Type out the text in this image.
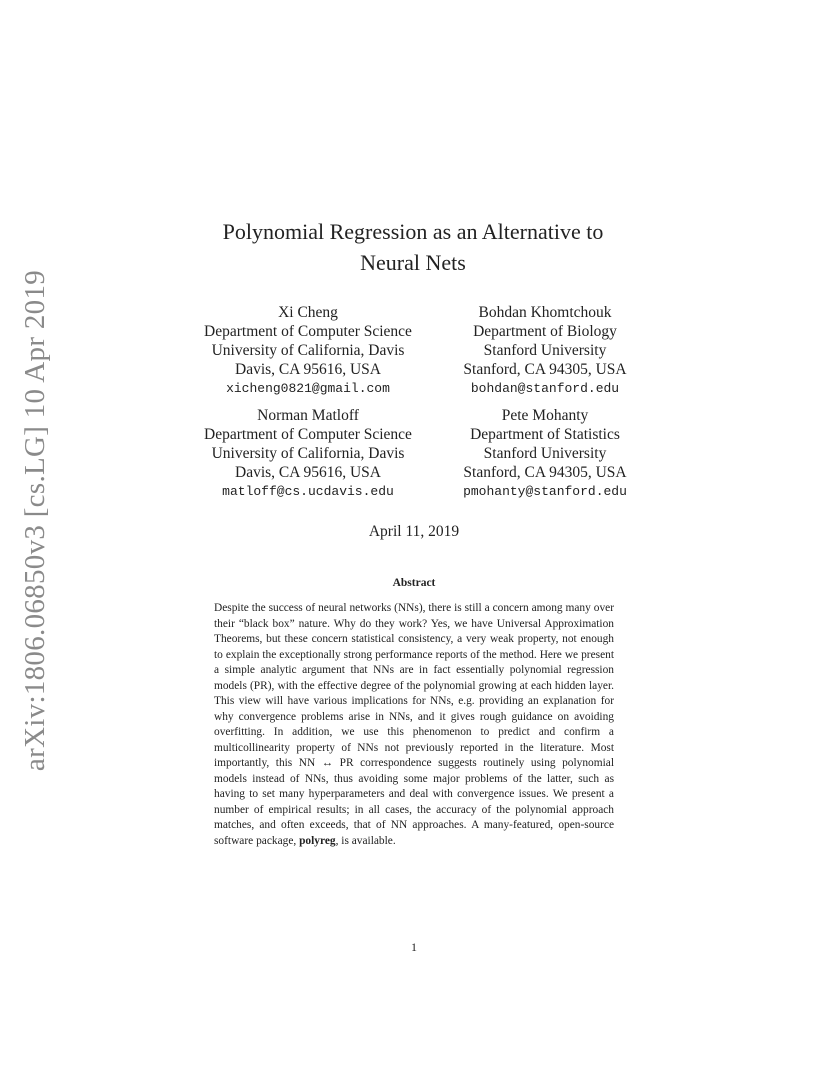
arXiv:1806.06850v3 [cs.LG] 10 Apr 2019
Polynomial Regression as an Alternative to
Neural Nets
Xi Cheng
Department of Computer Science
University of California, Davis
Davis, CA 95616, USA
xicheng0821@gmail.com
Bohdan Khomtchouk
Department of Biology
Stanford University
Stanford, CA 94305, USA
bohdan@stanford.edu
Norman Matloff
Department of Computer Science
University of California, Davis
Davis, CA 95616, USA
matloff@cs.ucdavis.edu
Pete Mohanty
Department of Statistics
Stanford University
Stanford, CA 94305, USA
pmohanty@stanford.edu
April 11, 2019
Abstract
Despite the success of neural networks (NNs), there is still a concern among many over their “black box” nature. Why do they work? Yes, we have Universal Approximation Theorems, but these concern statistical consistency, a very weak property, not enough to explain the exceptionally strong performance reports of the method. Here we present a simple analytic argument that NNs are in fact essentially polynomial regression models (PR), with the effective degree of the polynomial growing at each hidden layer. This view will have various implications for NNs, e.g. providing an explanation for why convergence problems arise in NNs, and it gives rough guidance on avoiding overfitting. In addition, we use this phenomenon to predict and confirm a multicollinearity property of NNs not previously reported in the literature. Most importantly, this NN ↔ PR correspondence suggests routinely using polynomial models instead of NNs, thus avoiding some major problems of the latter, such as having to set many hyperparameters and deal with convergence issues. We present a number of empirical results; in all cases, the accuracy of the polynomial approach matches, and often exceeds, that of NN approaches. A many-featured, open-source software package, polyreg, is available.
1
